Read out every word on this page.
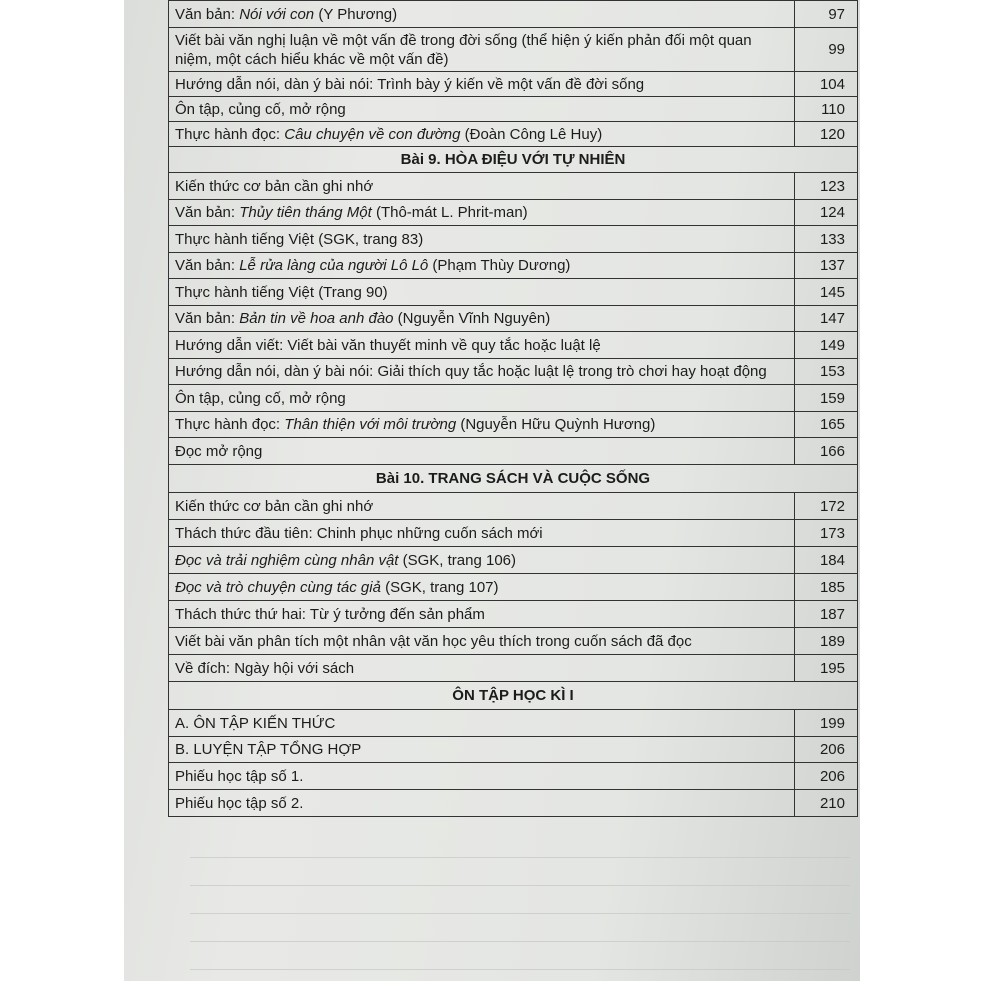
Văn bản: Nói với con (Y Phương)	97
Viết bài văn nghị luận về một vấn đề trong đời sống (thể hiện ý kiến phản đối một quan niệm, một cách hiểu khác về một vấn đề)	99
Hướng dẫn nói, dàn ý bài nói: Trình bày ý kiến về một vấn đề đời sống	104
Ôn tập, củng cố, mở rộng	110
Thực hành đọc: Câu chuyện về con đường (Đoàn Công Lê Huy)	120
Bài 9. HÒA ĐIỆU VỚI TỰ NHIÊN	
Kiến thức cơ bản cần ghi nhớ	123
Văn bản: Thủy tiên tháng Một (Thô-mát L. Phrit-man)	124
Thực hành tiếng Việt (SGK, trang 83)	133
Văn bản: Lễ rửa làng của người Lô Lô (Phạm Thùy Dương)	137
Thực hành tiếng Việt (Trang 90)	145
Văn bản: Bản tin về hoa anh đào (Nguyễn Vĩnh Nguyên)	147
Hướng dẫn viết: Viết bài văn thuyết minh về quy tắc hoặc luật lệ	149
Hướng dẫn nói, dàn ý bài nói: Giải thích quy tắc hoặc luật lệ trong trò chơi hay hoạt động	153
Ôn tập, củng cố, mở rộng	159
Thực hành đọc: Thân thiện với môi trường (Nguyễn Hữu Quỳnh Hương)	165
Đọc mở rộng	166
Bài 10. TRANG SÁCH VÀ CUỘC SỐNG	
Kiến thức cơ bản cần ghi nhớ	172
Thách thức đầu tiên: Chinh phục những cuốn sách mới	173
Đọc và trải nghiệm cùng nhân vật (SGK, trang 106)	184
Đọc và trò chuyện cùng tác giả (SGK, trang 107)	185
Thách thức thứ hai: Từ ý tưởng đến sản phẩm	187
Viết bài văn phân tích một nhân vật văn học yêu thích trong cuốn sách đã đọc	189
Về đích: Ngày hội với sách	195
ÔN TẬP HỌC KÌ I	
A. ÔN TẬP KIẾN THỨC	199
B. LUYỆN TẬP TỔNG HỢP	206
Phiếu học tập số 1.	206
Phiếu học tập số 2.	210
